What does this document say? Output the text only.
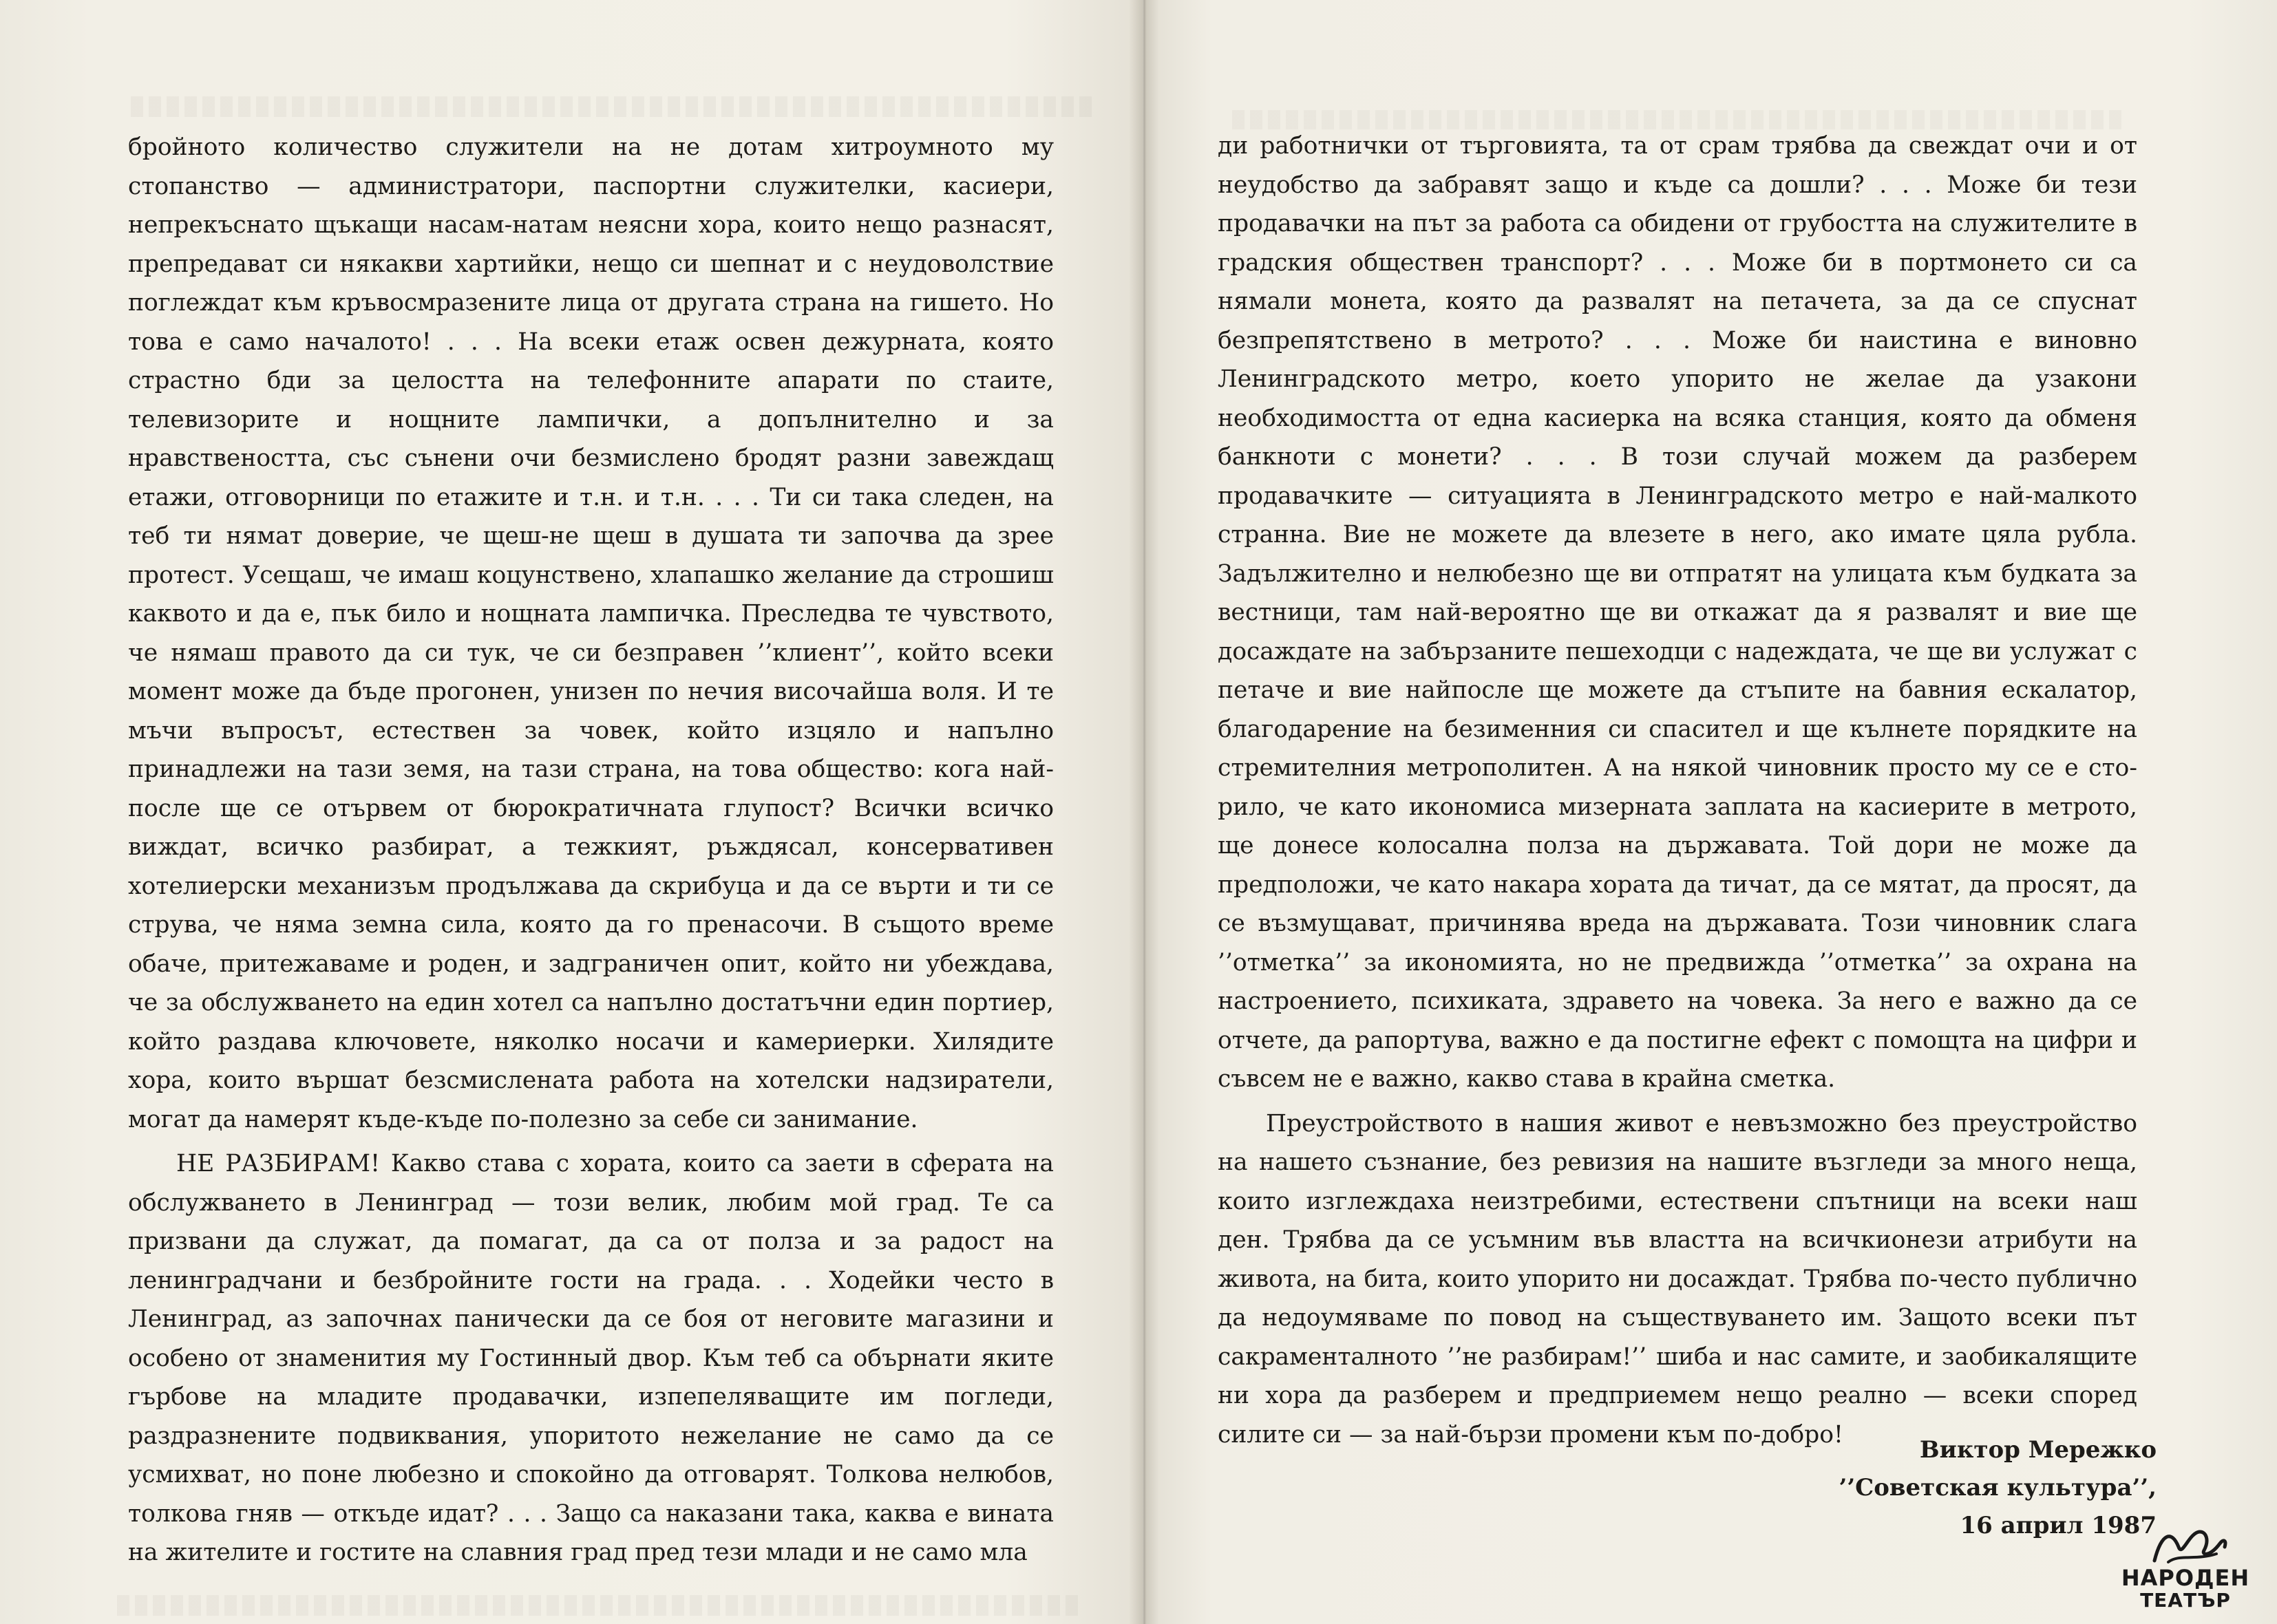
бройното количество служители на не дотам хитроумното му стопанство — администратори, паспортни служителки, касиери, непрекъснато щъкащи насам-натам неясни хора, които нещо разнасят, препредават си някакви хартийки, нещо си шепнат и с неудоволствие поглеждат към кръвосмразените лица от другата страна на гишето. Но това е само началото! . . . На всеки етаж освен дежурната, която страстно бди за целостта на телефонните апарати по стаите, телевизорите и нощните лампички, а допълнително и за нравствеността, със сънени очи безмислено бродят разни завеждащ етажи, отговорници по етажите и т.н. и т.н. . . . Ти си така следен, на теб ти нямат доверие, че щеш-не щеш в душата ти започва да зрее протест. Усещаш, че имаш коцунствено, хлапашко желание да строшиш каквото и да е, пък било и нощната лампичка. Преследва те чувството, че нямаш правото да си тук, че си безправен ’’клиент’’, който всеки момент може да бъде прогонен, унизен по нечия височайша воля. И те мъчи въпросът, естествен за човек, който изцяло и напълно принадлежи на тази земя, на тази страна, на това общество: кога най-после ще се отървем от бюрократичната глупост? Всички всичко виждат, всичко разбират, а тежкият, ръждясал, консервативен хотелиерски механизъм продължава да скрибуца и да се върти и ти се струва, че няма земна сила, която да го пренасочи. В същото време обаче, притежаваме и роден, и задграничен опит, който ни убеждава, че за обслужването на един хотел са напълно достатъчни един портиер, който раздава ключовете, няколко носачи и камериерки. Хилядите хора, които вършат безсмислената работа на хотелски надзиратели, могат да намерят къде-къде по-полезно за себе си занимание.

НЕ РАЗБИРАМ! Какво става с хората, които са заети в сферата на обслужването в Ленинград — този велик, любим мой град. Те са призвани да служат, да помагат, да са от полза и за радост на ленинградчани и безбройните гости на града. . . Ходейки често в Ленинград, аз започнах панически да се боя от неговите магазини и особено от знаменития му Гостинный двор. Към теб са обърнати яките гърбове на младите продавачки, изпепеляващите им погледи, раздразнените подвиквания, упоритото нежелание не само да се усмихват, но поне любезно и спокойно да отговарят. Толкова нелюбов, толкова гняв — откъде идат? . . . Защо са наказани така, каква е вината на жителите и гостите на славния град пред тези млади и не само мла

ди работнички от търговията, та от срам трябва да свеждат очи и от неудобство да забравят защо и къде са дошли? . . . Може би тези продавачки на път за работа са обидени от грубостта на служителите в градския обществен транспорт? . . . Може би в портмонето си са нямали монета, която да развалят на петачета, за да се спуснат безпрепятствено в метрото? . . . Може би наистина е виновно Ленинградското метро, което упорито не желае да узакони необходимостта от една касиерка на всяка станция, която да обменя банкноти с монети? . . . В този случай можем да разберем продавачките — ситуацията в Ленинградското метро е най-малкото странна. Вие не можете да влезете в него, ако имате цяла рубла. Задължително и нелюбезно ще ви отпратят на улицата към будката за вестници, там най-вероятно ще ви откажат да я развалят и вие ще досаждате на забързаните пешеходци с надеждата, че ще ви услужат с петаче и вие найпосле ще можете да стъпите на бавния ескалатор, благодарение на безименния си спасител и ще кълнете порядките на стремителния метрополитен. А на някой чиновник просто му се е сторило, че като икономиса мизерната заплата на касиерите в метрото, ще донесе колосална полза на държавата. Той дори не може да предположи, че като накара хората да тичат, да се мятат, да просят, да се възмущават, причинява вреда на държавата. Този чиновник слага ’’отметка’’ за икономията, но не предвижда ’’отметка’’ за охрана на настроението, психиката, здравето на човека. За него е важно да се отчете, да рапортува, важно е да постигне ефект с помощта на цифри и съвсем не е важно, какво става в крайна сметка.

Преустройството в нашия живот е невъзможно без преустройство на нашето съзнание, без ревизия на нашите възгледи за много неща, които изглеждаха неизтребими, естествени спътници на всеки наш ден. Трябва да се усъмним във властта на всичкионези атрибути на живота, на бита, които упорито ни досаждат. Трябва по-често публично да недоумяваме по повод на съществуването им. Защото всеки път сакраменталното ’’не разбирам!’’ шиба и нас самите, и заобикалящите ни хора да разберем и предприемем нещо реално — всеки според силите си — за най-бързи промени към по-добро!

Виктор Мережко
’’Советская культура’’,
16 април 1987
НАРОДЕН
ТЕАТЪР
